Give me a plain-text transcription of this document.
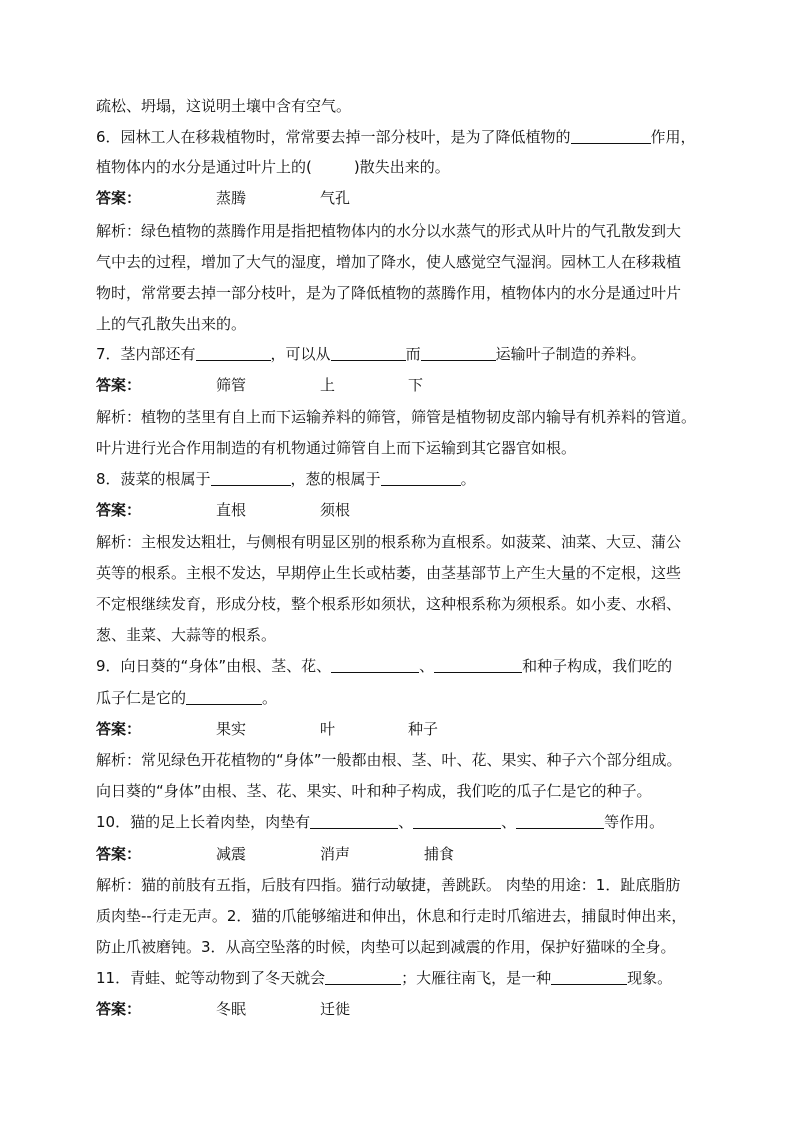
疏松、坍塌，这说明土壤中含有空气。
6．园林工人在移栽植物时，常常要去掉一部分枝叶，是为了降低植物的	作用，
植物体内的水分是通过叶片上的(	)散失出来的。
答案：	蒸腾	气孔
解析：绿色植物的蒸腾作用是指把植物体内的水分以水蒸气的形式从叶片的气孔散发到大
气中去的过程，增加了大气的湿度，增加了降水，使人感觉空气湿润。园林工人在移栽植
物时，常常要去掉一部分枝叶，是为了降低植物的蒸腾作用，植物体内的水分是通过叶片
上的气孔散失出来的。
7．茎内部还有	，可以从	而	运输叶子制造的养料。
答案：	筛管	上	下
解析：植物的茎里有自上而下运输养料的筛管，筛管是植物韧皮部内输导有机养料的管道。
叶片进行光合作用制造的有机物通过筛管自上而下运输到其它器官如根。
8．菠菜的根属于	，葱的根属于	。
答案：	直根	须根
解析：主根发达粗壮，与侧根有明显区别的根系称为直根系。如菠菜、油菜、大豆、蒲公
英等的根系。主根不发达，早期停止生长或枯萎，由茎基部节上产生大量的不定根，这些
不定根继续发育，形成分枝，整个根系形如须状，这种根系称为须根系。如小麦、水稻、
葱、韭菜、大蒜等的根系。
9．向日葵的“身体”由根、茎、花、	、	和种子构成，我们吃的
瓜子仁是它的	。
答案：	果实	叶	种子
解析：常见绿色开花植物的“身体”一般都由根、茎、叶、花、果实、种子六个部分组成。
向日葵的“身体”由根、茎、花、果实、叶和种子构成，我们吃的瓜子仁是它的种子。
10．猫的足上长着肉垫，肉垫有	、	、	等作用。
答案：	减震	消声	捕食
解析：猫的前肢有五指，后肢有四指。猫行动敏捷，善跳跃。 肉垫的用途：1．趾底脂肪
质肉垫--行走无声。2．猫的爪能够缩进和伸出，休息和行走时爪缩进去，捕鼠时伸出来，
防止爪被磨钝。3．从高空坠落的时候，肉垫可以起到减震的作用，保护好猫咪的全身。
11．青蛙、蛇等动物到了冬天就会	；大雁往南飞，是一种	现象。
答案：	冬眠	迁徙
